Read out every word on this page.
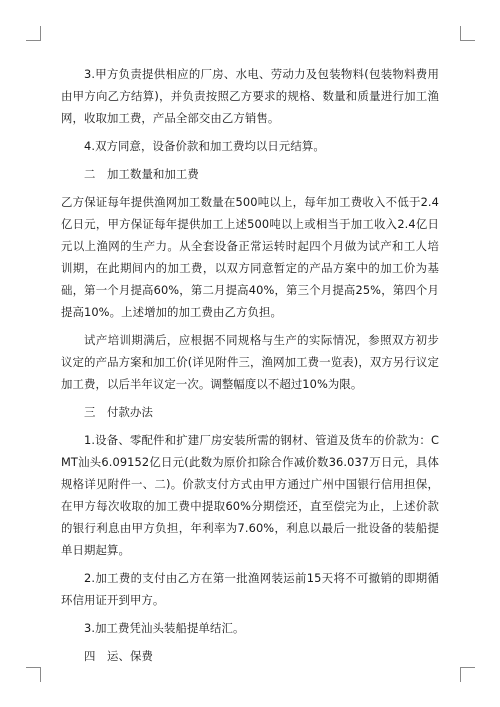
3.甲方负责提供相应的厂房、水电、劳动力及包装物料(包装物料费用由甲方向乙方结算)，并负责按照乙方要求的规格、数量和质量进行加工渔网，收取加工费，产品全部交由乙方销售。

4.双方同意，设备价款和加工费均以日元结算。

二　加工数量和加工费

乙方保证每年提供渔网加工数量在500吨以上，每年加工费收入不低于2.4亿日元，甲方保证每年提供加工上述500吨以上或相当于加工收入2.4亿日元以上渔网的生产力。从全套设备正常运转时起四个月做为试产和工人培训期，在此期间内的加工费，以双方同意暂定的产品方案中的加工价为基础，第一个月提高60%，第二月提高40%，第三个月提高25%，第四个月提高10%。上述增加的加工费由乙方负担。

试产培训期满后，应根据不同规格与生产的实际情况，参照双方初步议定的产品方案和加工价(详见附件三，渔网加工费一览表)，双方另行议定加工费，以后半年议定一次。调整幅度以不超过10%为限。

三　付款办法

1.设备、零配件和扩建厂房安装所需的钢材、管道及货车的价款为：CMT汕头6.09152亿日元(此数为原价扣除合作减价数36.037万日元，具体规格详见附件一、二)。价款支付方式由甲方通过广州中国银行信用担保，在甲方每次收取的加工费中提取60%分期偿还，直至偿完为止，上述价款的银行利息由甲方负担，年利率为7.60%，利息以最后一批设备的装船提单日期起算。

2.加工费的支付由乙方在第一批渔网装运前15天将不可撤销的即期循环信用证开到甲方。

3.加工费凭汕头装船提单结汇。

四　运、保费
